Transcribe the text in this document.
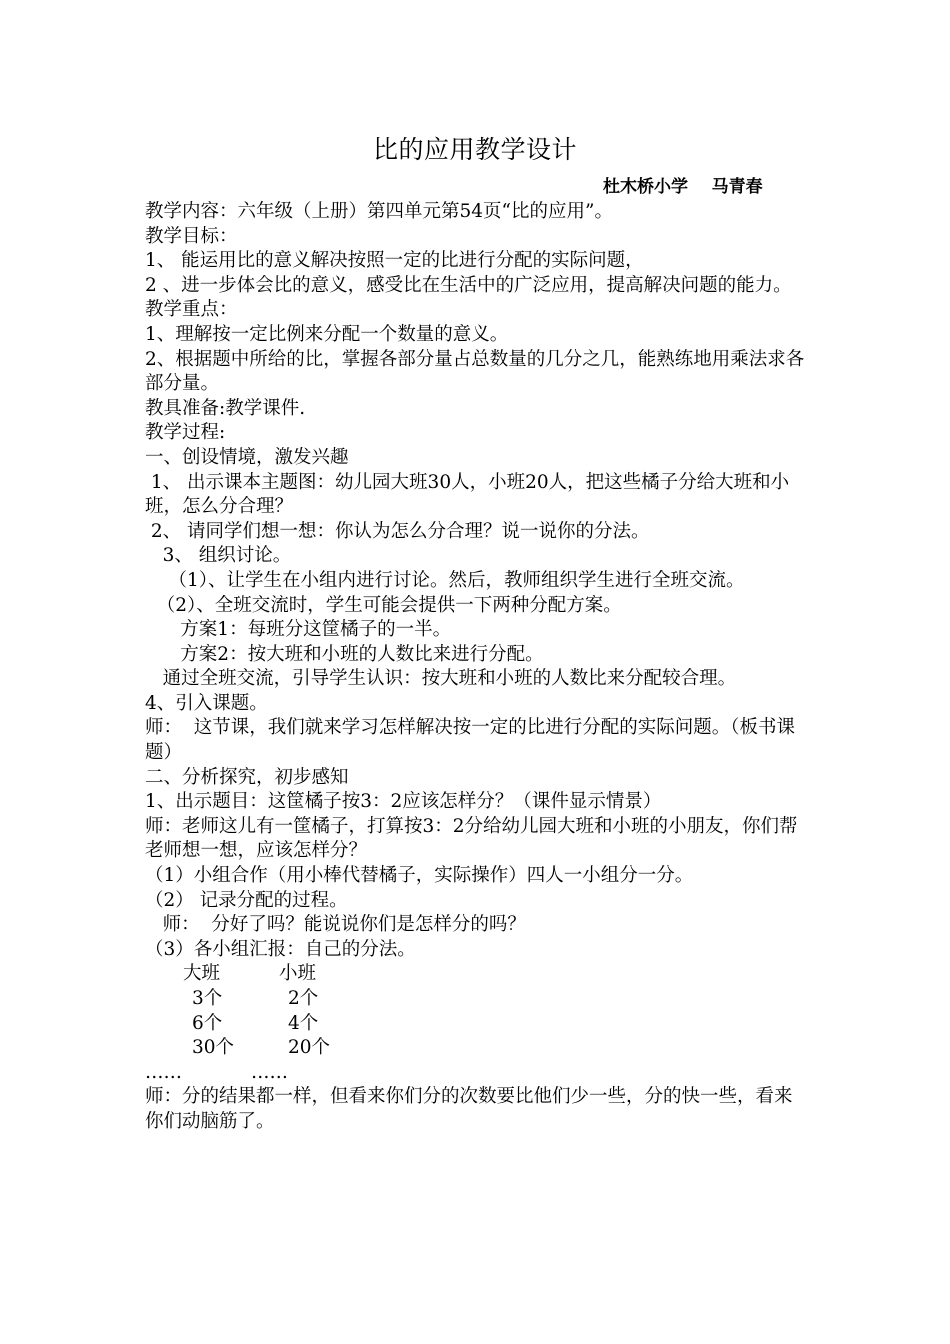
比的应用教学设计
杜木桥小学    马青春

教学内容：六年级（上册）第四单元第54页“比的应用”。

教学目标：

1、 能运用比的意义解决按照一定的比进行分配的实际问题，

2 、进一步体会比的意义，感受比在生活中的广泛应用，提高解决问题的能力。

教学重点：

1、理解按一定比例来分配一个数量的意义。

2、根据题中所给的比，掌握各部分量占总数量的几分之几，能熟练地用乘法求各部分量。

教具准备:教学课件.

教学过程:

一、创设情境，激发兴趣

1、 出示课本主题图：幼儿园大班30人，小班20人，把这些橘子分给大班和小班，怎么分合理？

2、 请同学们想一想：你认为怎么分合理？说一说你的分法。

3、 组织讨论。

（1）、让学生在小组内进行讨论。然后，教师组织学生进行全班交流。

（2）、全班交流时，学生可能会提供一下两种分配方案。

方案1：每班分这筐橘子的一半。

方案2：按大班和小班的人数比来进行分配。

通过全班交流，引导学生认识：按大班和小班的人数比来分配较合理。

4、引入课题。

师：  这节课，我们就来学习怎样解决按一定的比进行分配的实际问题。（板书课题）

二、分析探究，初步感知

1、出示题目：这筐橘子按3：2应该怎样分？（课件显示情景）

师：老师这儿有一筐橘子，打算按3：2分给幼儿园大班和小班的小朋友，你们帮老师想一想，应该怎样分？

（1）小组合作（用小棒代替橘子，实际操作）四人一小组分一分。

（2） 记录分配的过程。

师：  分好了吗？能说说你们是怎样分的吗？

（3）各小组汇报：自己的分法。

大班	小班
3个	2个
6个	4个
30个	20个
……	……

师：分的结果都一样，但看来你们分的次数要比他们少一些，分的快一些，看来你们动脑筋了。
